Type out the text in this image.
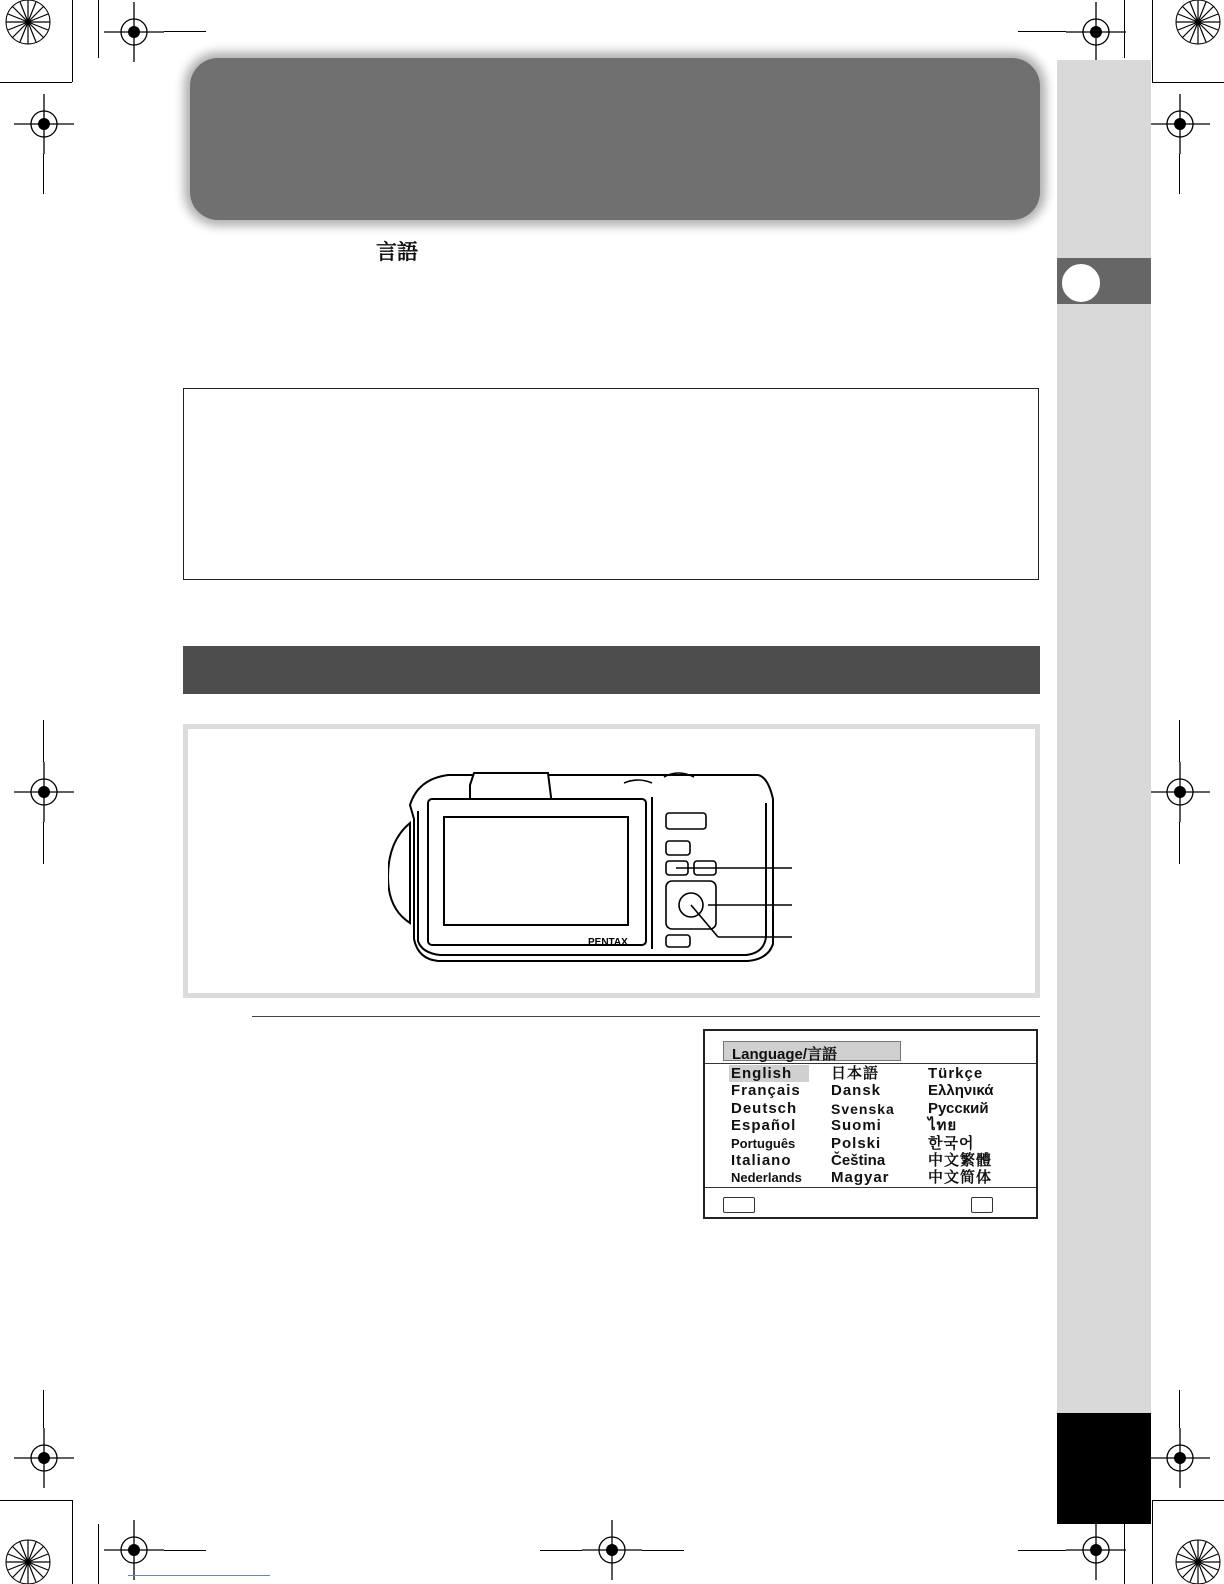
言語
PENTAX
Language/言語
English
Français
Deutsch
Español
Português
Italiano
Nederlands
日本語
Dansk
Svenska
Suomi
Polski
Čeština
Magyar
Türkçe
Ελληνικά
Русский
ไทย
한국어
中文繁體
中文简体
